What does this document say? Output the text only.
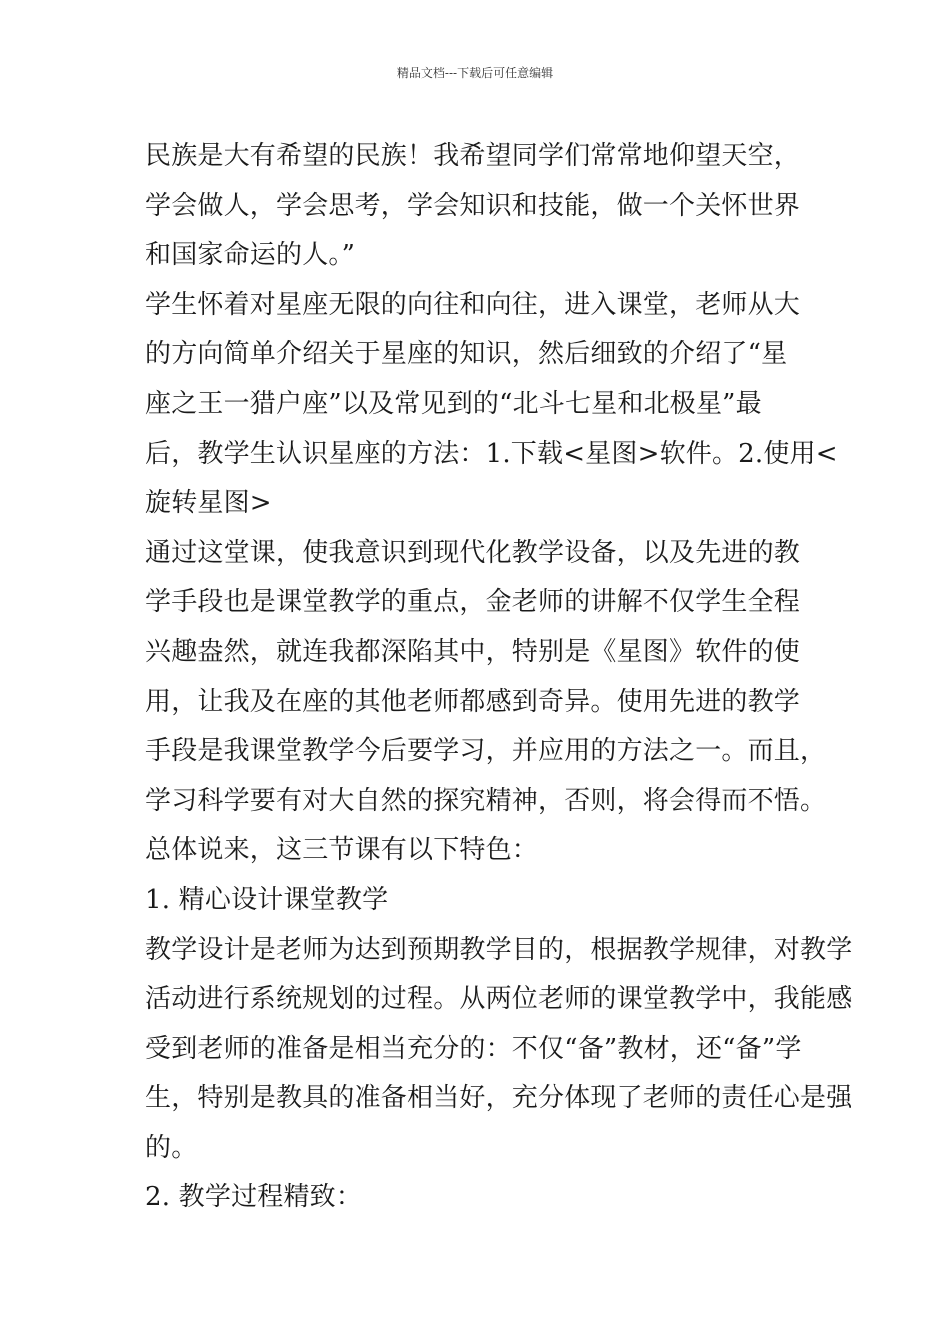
精品文档---下载后可任意编辑
民族是大有希望的民族！我希望同学们常常地仰望天空，
学会做人，学会思考，学会知识和技能，做一个关怀世界
和国家命运的人。”
学生怀着对星座无限的向往和向往，进入课堂，老师从大
的方向简单介绍关于星座的知识，然后细致的介绍了“星
座之王一猎户座”以及常见到的“北斗七星和北极星”最
后，教学生认识星座的方法：1.下载<星图>软件。2.使用<
旋转星图>
通过这堂课，使我意识到现代化教学设备，以及先进的教
学手段也是课堂教学的重点，金老师的讲解不仅学生全程
兴趣盎然，就连我都深陷其中，特别是《星图》软件的使
用，让我及在座的其他老师都感到奇异。使用先进的教学
手段是我课堂教学今后要学习，并应用的方法之一。而且，
学习科学要有对大自然的探究精神，否则，将会得而不悟。
总体说来，这三节课有以下特色：
1. 精心设计课堂教学
教学设计是老师为达到预期教学目的，根据教学规律，对教学
活动进行系统规划的过程。从两位老师的课堂教学中，我能感
受到老师的准备是相当充分的：不仅“备”教材，还“备”学
生，特别是教具的准备相当好，充分体现了老师的责任心是强
的。
2. 教学过程精致：
